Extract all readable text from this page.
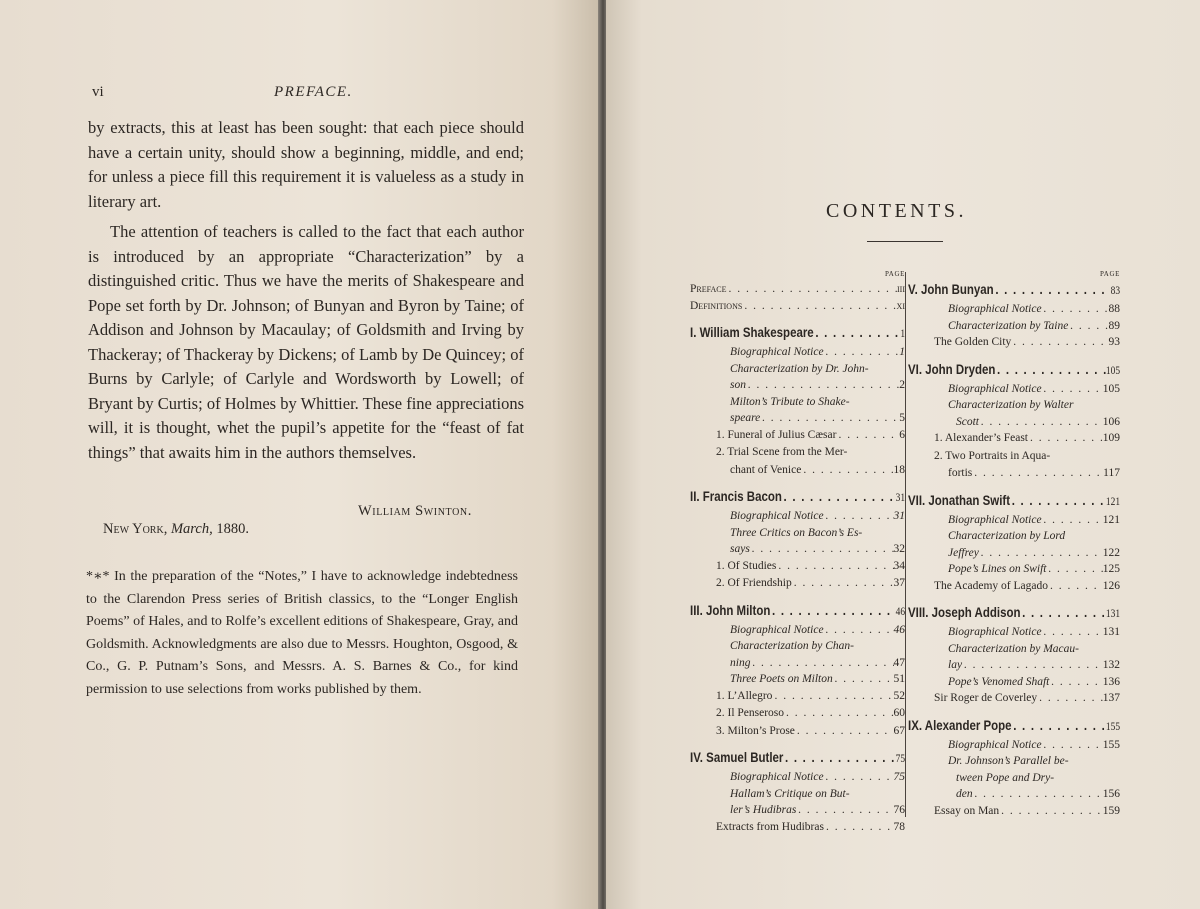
vi	PREFACE.

by extracts, this at least has been sought: that each piece should have a certain unity, should show a beginning, middle, and end; for unless a piece fill this requirement it is valueless as a study in literary art.

The attention of teachers is called to the fact that each author is introduced by an appropriate “Characterization” by a distinguished critic. Thus we have the merits of Shakespeare and Pope set forth by Dr. Johnson; of Bunyan and Byron by Taine; of Addison and Johnson by Macaulay; of Goldsmith and Irving by Thackeray; of Thackeray by Dickens; of Lamb by De Quincey; of Burns by Carlyle; of Carlyle and Wordsworth by Lowell; of Bryant by Curtis; of Holmes by Whittier. These fine appreciations will, it is thought, whet the pupil’s appetite for the “feast of fat things” that awaits him in the authors themselves.

William Swinton.
New York, March, 1880.
*∗* In the preparation of the “Notes,” I have to acknowledge indebtedness to the Clarendon Press series of British classics, to the “Longer English Poems” of Hales, and to Rolfe’s excellent editions of Shakespeare, Gray, and Goldsmith. Acknowledgments are also due to Messrs. Houghton, Osgood, & Co., G. P. Putnam’s Sons, and Messrs. A. S. Barnes & Co., for kind permission to use selections from works published by them.
CONTENTS.
PAGE
Preface . . .	iii
Definitions . . .	xi
I. William Shakespeare . . .	1
Biographical Notice . . .	1
Characterization by Dr. John-
son . . .	2
Milton’s Tribute to Shake-
speare . . .	5
1. Funeral of Julius Cæsar . . .	6
2. Trial Scene from the Mer-
chant of Venice . . .	18
II. Francis Bacon . . .	31
Biographical Notice . . .	31
Three Critics on Bacon’s Es-
says . . .	32
1. Of Studies . . .	34
2. Of Friendship . . .	37
III. John Milton . . .	46
Biographical Notice . . .	46
Characterization by Chan-
ning . . .	47
Three Poets on Milton . . .	51
1. L’Allegro . . .	52
2. Il Penseroso . . .	60
3. Milton’s Prose . . .	67
IV. Samuel Butler . . .	75
Biographical Notice . . .	75
Hallam’s Critique on But-
ler’s Hudibras . . .	76
Extracts from Hudibras . . .	78
PAGE
V. John Bunyan . . .	83
Biographical Notice . . .	88
Characterization by Taine . . .	89
The Golden City . . .	93
VI. John Dryden . . .	105
Biographical Notice . . .	105
Characterization by Walter
Scott . . .	106
1. Alexander’s Feast . . .	109
2. Two Portraits in Aqua-
fortis . . .	117
VII. Jonathan Swift . . .	121
Biographical Notice . . .	121
Characterization by Lord
Jeffrey . . .	122
Pope’s Lines on Swift . . .	125
The Academy of Lagado . . .	126
VIII. Joseph Addison . . .	131
Biographical Notice . . .	131
Characterization by Macau-
lay . . .	132
Pope’s Venomed Shaft . . .	136
Sir Roger de Coverley . . .	137
IX. Alexander Pope . . .	155
Biographical Notice . . .	155
Dr. Johnson’s Parallel be-
tween Pope and Dry-
den . . .	156
Essay on Man . . .	159
